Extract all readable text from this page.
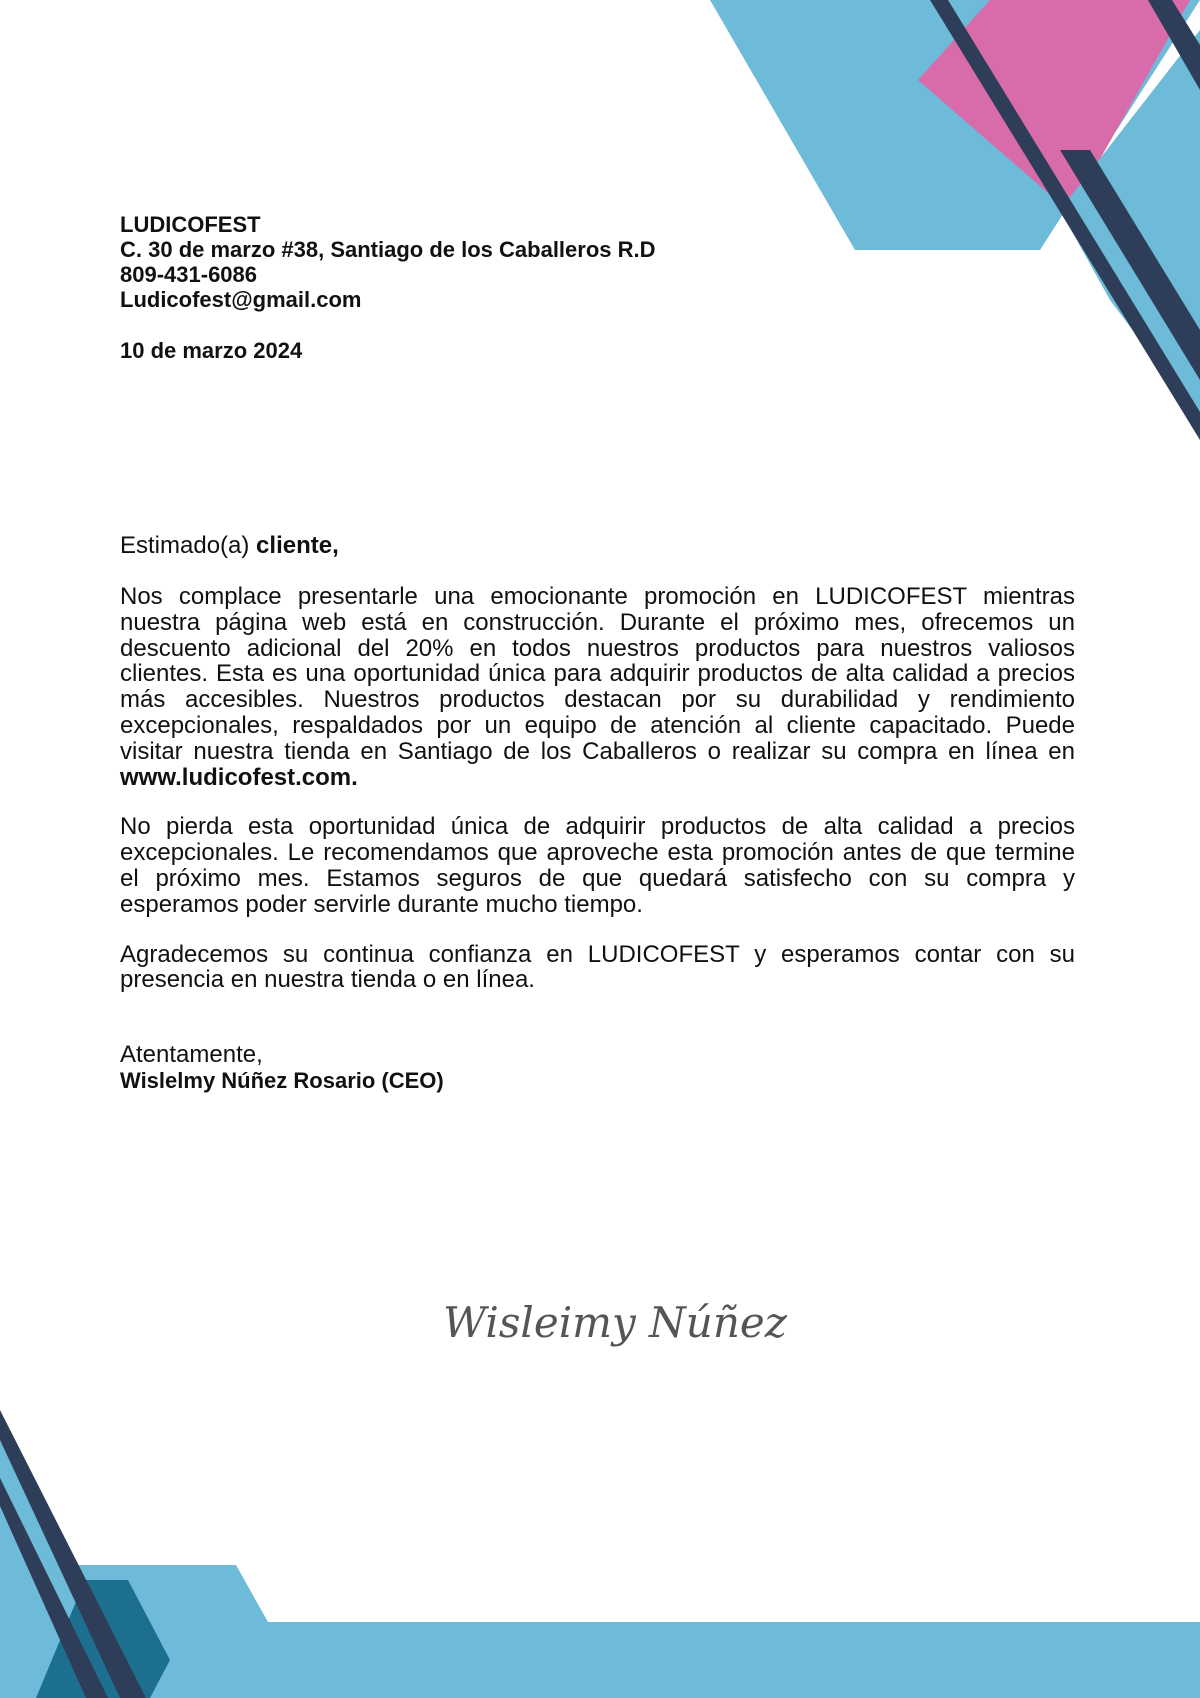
LUDICOFEST
C. 30 de marzo #38, Santiago de los Caballeros R.D
809-431-6086
Ludicofest@gmail.com
10 de marzo 2024
Estimado(a) cliente,
Nos complace presentarle una emocionante promoción en LUDICOFEST mientras nuestra página web está en construcción. Durante el próximo mes, ofrecemos un descuento adicional del 20% en todos nuestros productos para nuestros valiosos clientes. Esta es una oportunidad única para adquirir productos de alta calidad a precios más accesibles. Nuestros productos destacan por su durabilidad y rendimiento excepcionales, respaldados por un equipo de atención al cliente capacitado. Puede visitar nuestra tienda en Santiago de los Caballeros o realizar su compra en línea en www.ludicofest.com.
No pierda esta oportunidad única de adquirir productos de alta calidad a precios excepcionales. Le recomendamos que aproveche esta promoción antes de que termine el próximo mes. Estamos seguros de que quedará satisfecho con su compra y esperamos poder servirle durante mucho tiempo.
Agradecemos su continua confianza en LUDICOFEST y esperamos contar con su presencia en nuestra tienda o en línea.
Atentamente,
Wislelmy Núñez Rosario (CEO)
Wisleimy Núñez
